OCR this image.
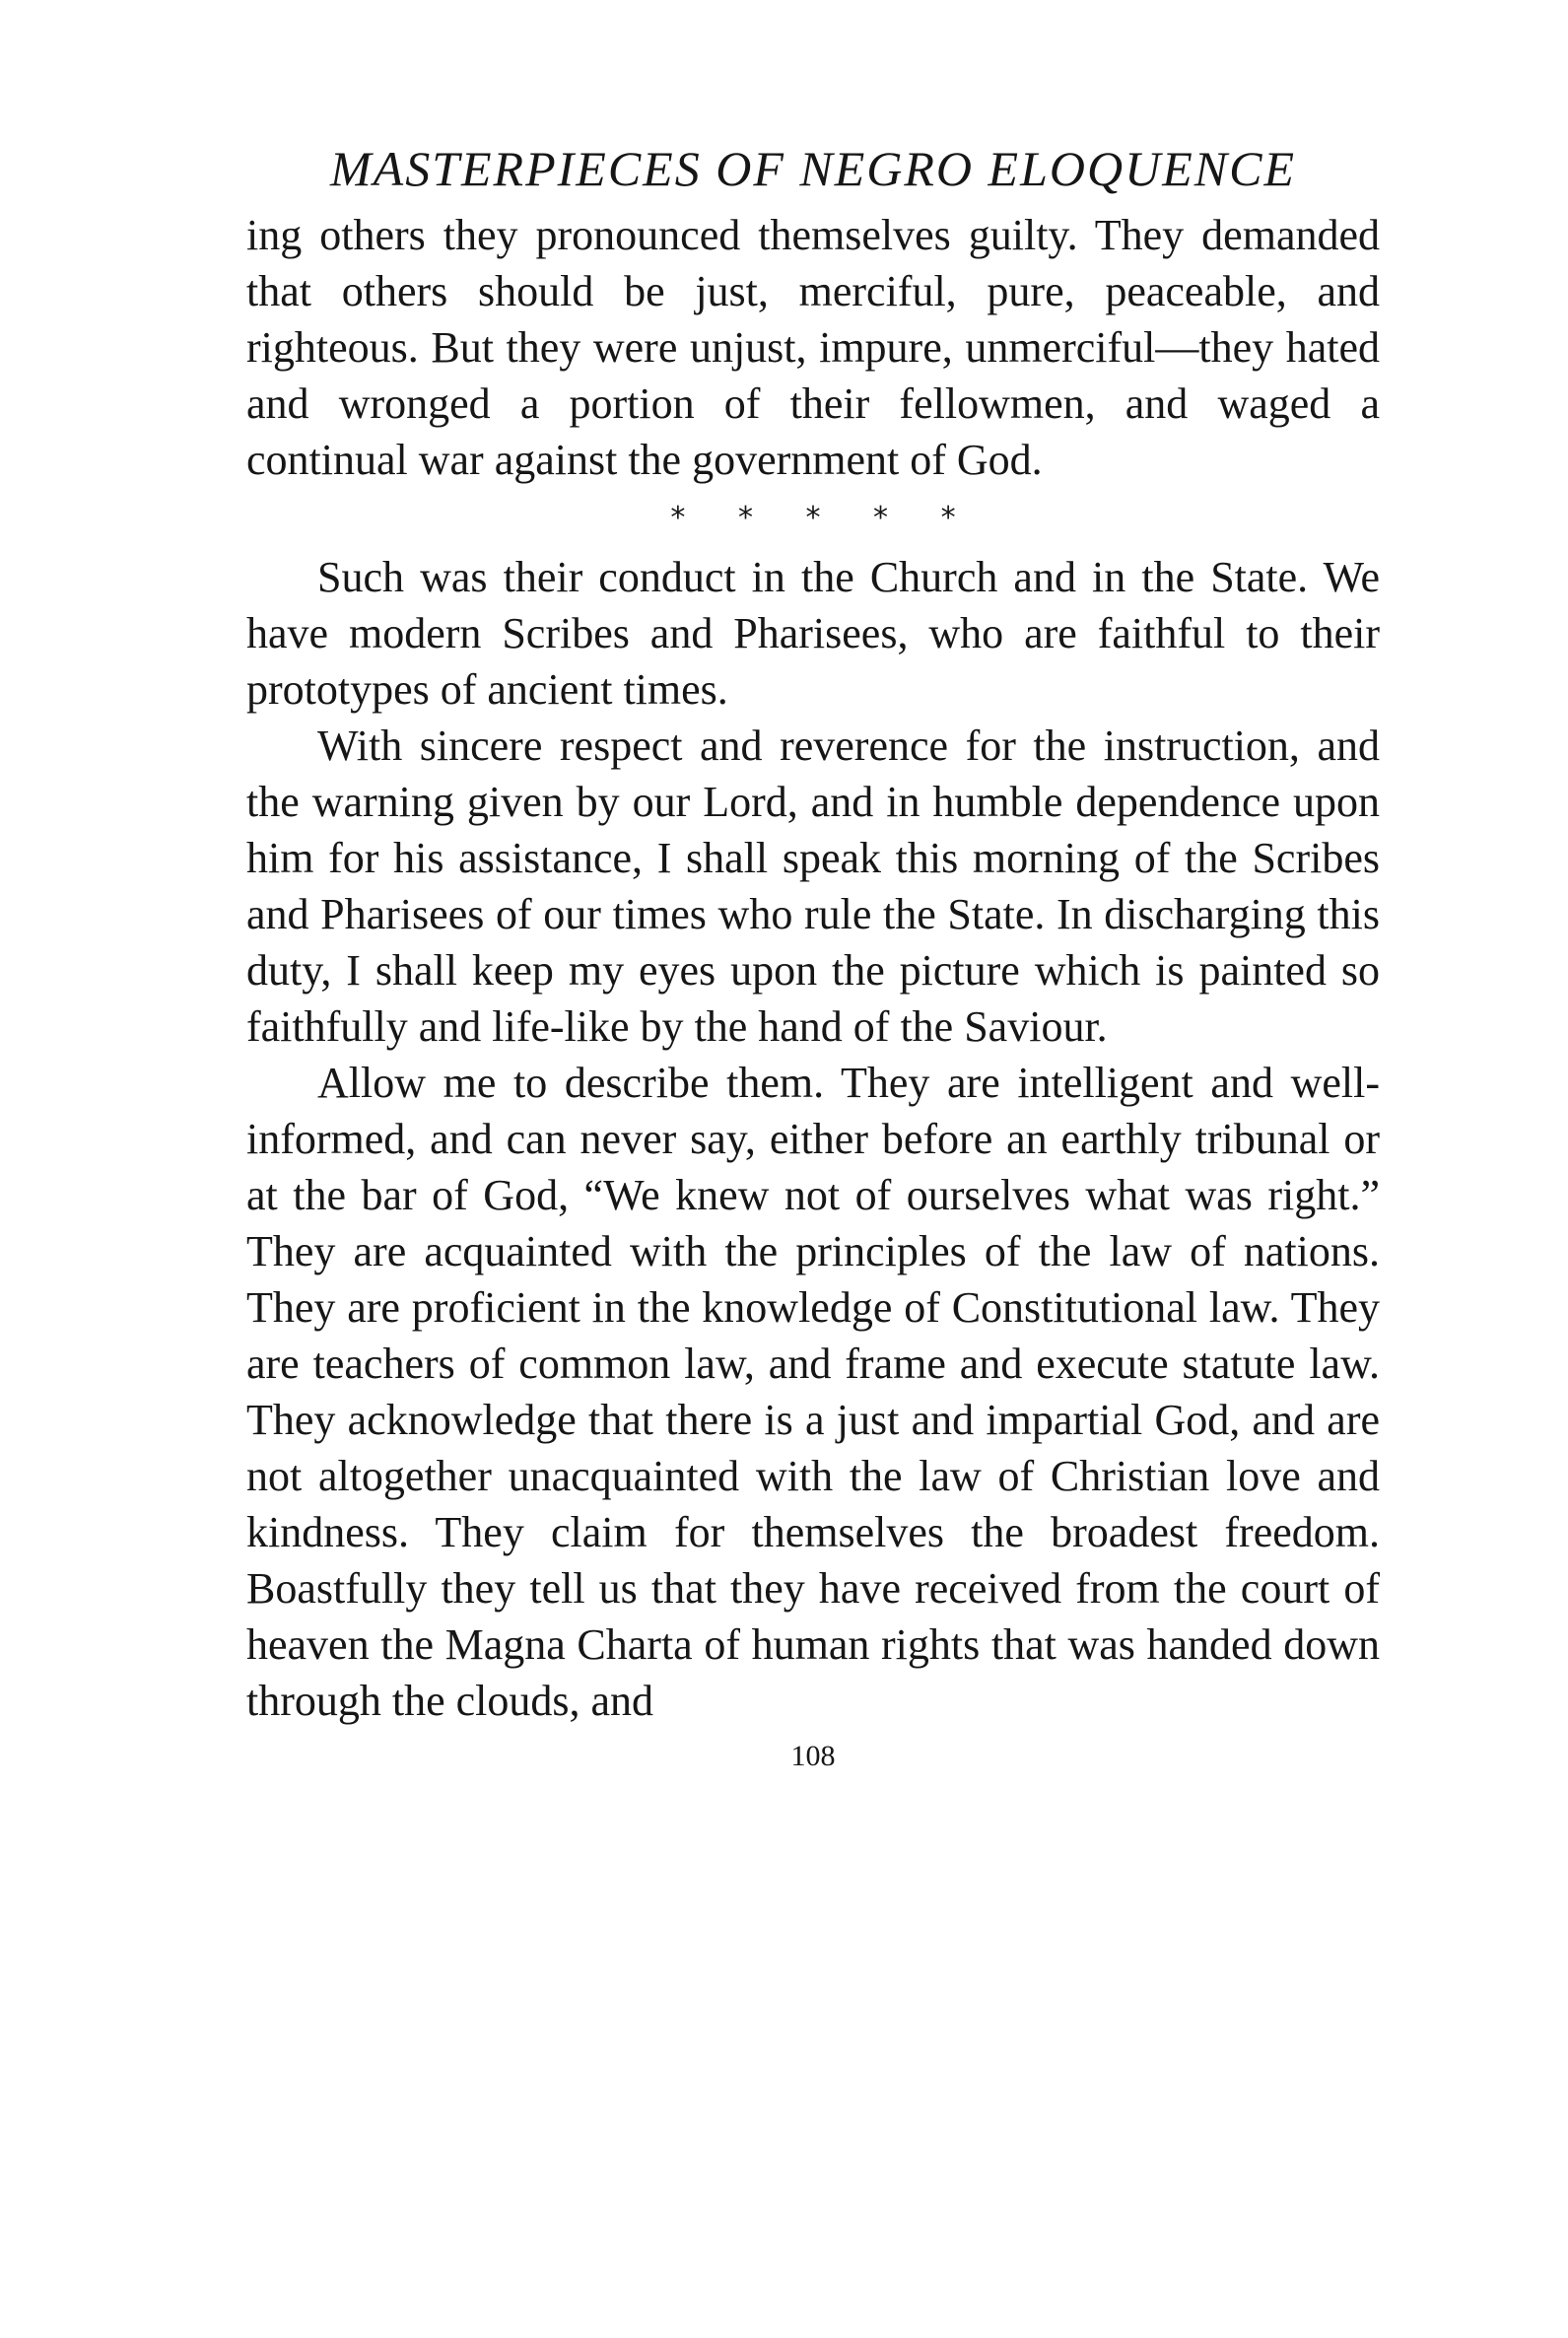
MASTERPIECES OF NEGRO ELOQUENCE

ing others they pronounced themselves guilty. They demanded that others should be just, merciful, pure, peaceable, and righteous. But they were unjust, impure, unmerciful—they hated and wronged a portion of their fellowmen, and waged a continual war against the government of God.

* * * * *

Such was their conduct in the Church and in the State. We have modern Scribes and Pharisees, who are faithful to their prototypes of ancient times.

With sincere respect and reverence for the instruction, and the warning given by our Lord, and in humble dependence upon him for his assistance, I shall speak this morning of the Scribes and Pharisees of our times who rule the State. In discharging this duty, I shall keep my eyes upon the picture which is painted so faithfully and life-like by the hand of the Saviour.

Allow me to describe them. They are intelligent and well-informed, and can never say, either before an earthly tribunal or at the bar of God, “We knew not of ourselves what was right.” They are acquainted with the principles of the law of nations. They are proficient in the knowledge of Constitutional law. They are teachers of common law, and frame and execute statute law. They acknowledge that there is a just and impartial God, and are not altogether unacquainted with the law of Christian love and kindness. They claim for themselves the broadest freedom. Boastfully they tell us that they have received from the court of heaven the Magna Charta of human rights that was handed down through the clouds, and

108
